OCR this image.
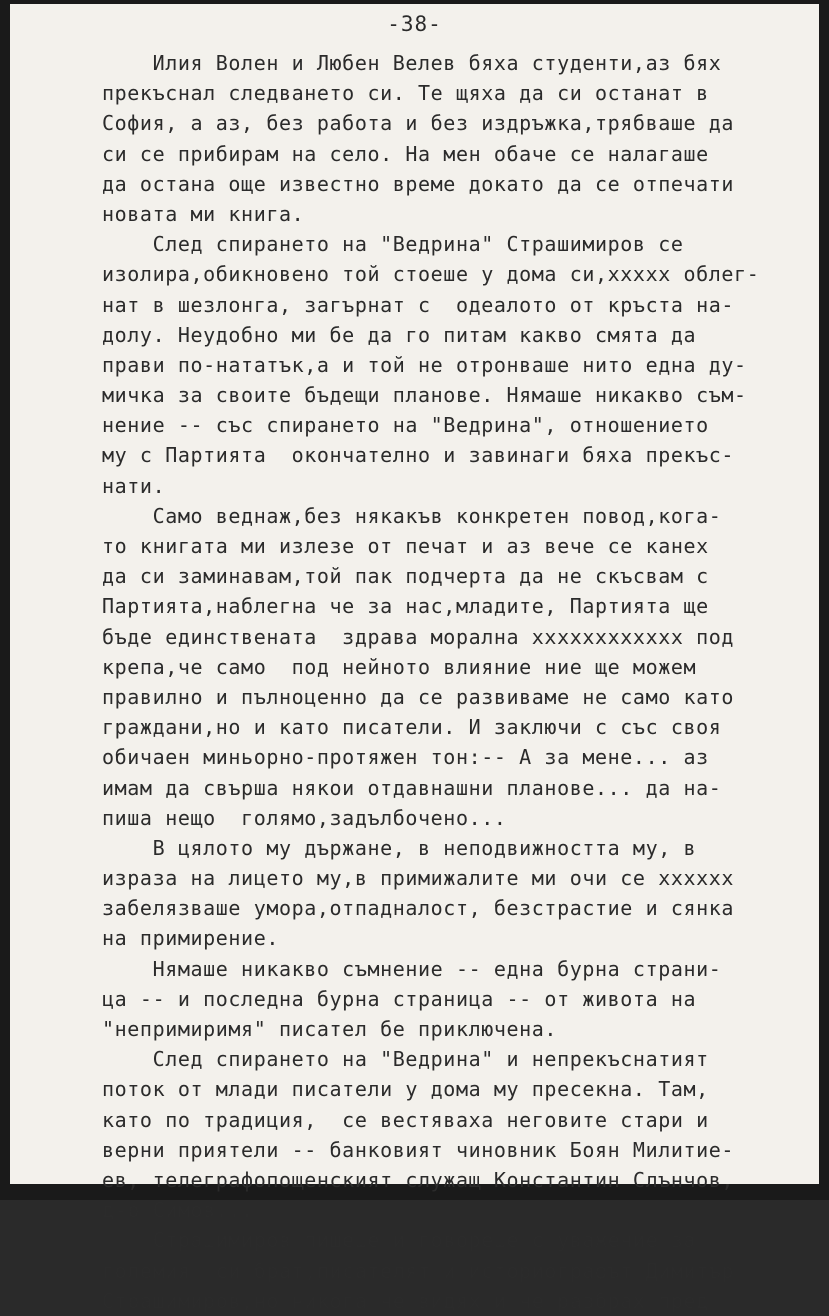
-38-
Илия Волен и Любен Велев бяха студенти,аз бях
прекъснал следването си. Те щяха да си останат в
София, а аз, без работа и без издръжка,трябваше да
си се прибирам на село. На мен обаче се налагаше
да остана още известно време докато да се отпечати
новата ми книга.
След спирането на "Ведрина" Страшимиров се
изолира,обикновено той стоеше у дома си,xxxxx облег-
нат в шезлонга, загърнат с  одеалото от кръста на-
долу. Неудобно ми бе да го питам какво смята да
прави по-нататък,а и той не отронваше нито една ду-
мичка за своите бъдещи планове. Нямаше никакво съм-
нение -- със спирането на "Ведрина", отношението
му с Партията  окончателно и завинаги бяха прекъс-
нати.
Само веднаж,без някакъв конкретен повод,кога-
то книгата ми излезе от печат и аз вече се канех
да си заминавам,той пак подчерта да не скъсвам с
Партията,наблегна че за нас,младите, Партията ще
бъде единствената  здрава морална xxxxxxxxxxxx под
крепа,че само  под нейното влияние ние ще можем
правилно и пълноценно да се развиваме не само като
граждани,но и като писатели. И заключи с със своя
обичаен миньорно-протяжен тон:-- А за мене... аз
имам да свърша някои отдавнашни планове... да на-
пиша нещо  голямо,задълбочено...
В цялото му държане, в неподвижността му, в
израза на лицето му,в примижалите ми очи се xxxxxx
забелязваше умора,отпадналост, безстрастие и сянка
на примирение.
Нямаше никакво съмнение -- една бурна страни-
ца -- и последна бурна страница -- от живота на
"непримиримя" писател бе приключена.
След спирането на "Ведрина" и непрекъснатият
поток от млади писатели у дома му пресекна. Там,
като по традиция,  се вестяваха неговите стари и
верни приятели -- банковият чиновник Боян Милитие-
ев, телеграфопощенският служащ Константин Слънчов,
д-р Симов...
Страшимиров пишеше и говореше с уважение за
големия  си брат,писателят и историографът Димитър
Страшимиров,но никога не видях и не разбрах пред
